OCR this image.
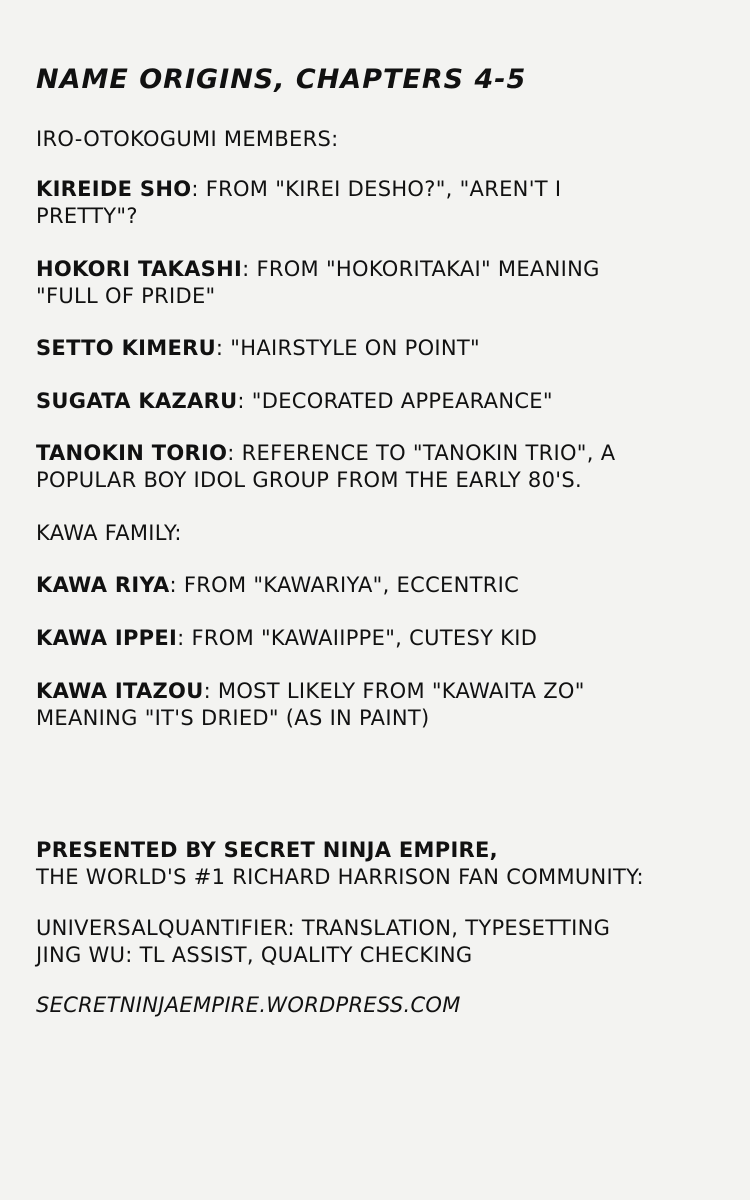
NAME ORIGINS, CHAPTERS 4-5
IRO-OTOKOGUMI MEMBERS:
KIREIDE SHO: FROM "KIREI DESHO?", "AREN'T I
PRETTY"?
HOKORI TAKASHI: FROM "HOKORITAKAI" MEANING
"FULL OF PRIDE"
SETTO KIMERU: "HAIRSTYLE ON POINT"
SUGATA KAZARU: "DECORATED APPEARANCE"
TANOKIN TORIO: REFERENCE TO "TANOKIN TRIO", A
POPULAR BOY IDOL GROUP FROM THE EARLY 80'S.
KAWA FAMILY:
KAWA RIYA: FROM "KAWARIYA", ECCENTRIC
KAWA IPPEI: FROM "KAWAIIPPE", CUTESY KID
KAWA ITAZOU: MOST LIKELY FROM "KAWAITA ZO"
MEANING "IT'S DRIED" (AS IN PAINT)
PRESENTED BY SECRET NINJA EMPIRE,
THE WORLD'S #1 RICHARD HARRISON FAN COMMUNITY:
UNIVERSALQUANTIFIER: TRANSLATION, TYPESETTING
JING WU: TL ASSIST, QUALITY CHECKING
SECRETNINJAEMPIRE.WORDPRESS.COM
